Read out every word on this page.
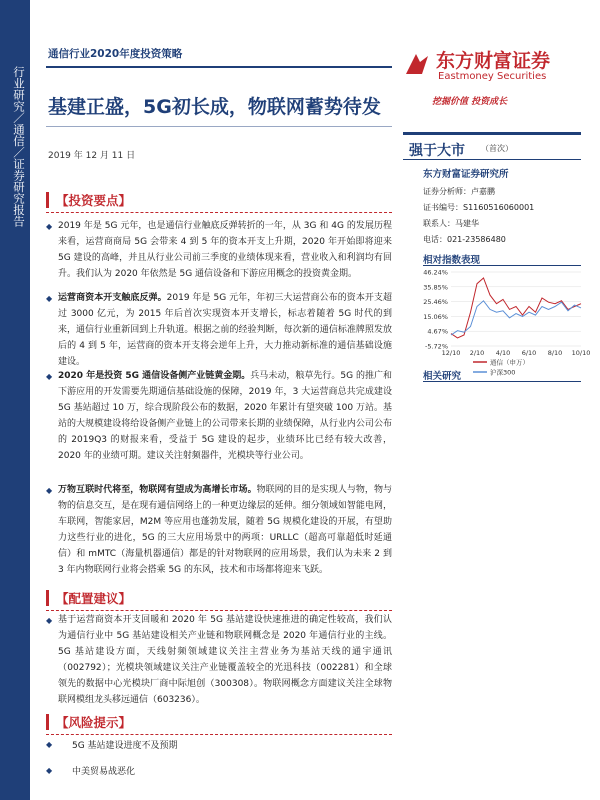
行业研究／通信／证券研究报告
通信行业2020年度投资策略	东方财富证券
Eastmoney Securities
挖掘价值 投资成长
基建正盛，5G初长成，物联网蓄势待发
2019 年 12 月 11 日	强于大市 （首次）
东方财富证券研究所
证券分析师：卢嘉鹏
证书编号：S1160516060001
联系人：马建华
电话：021-23586480
相对指数表现
46.24%
35.85%
25.46%
15.06%
4.67%
-5.72%
12/10 2/10 4/10 6/10 8/10 10/10
通信（申万）
沪深300
相关研究
【投资要点】
◆ 2019 年是 5G 元年，也是通信行业触底反弹转折的一年，从 3G 和 4G 的发展历程来看，运营商商局 5G 会带来 4 到 5 年的资本开支上升期，2020 年开始即将迎来 5G 建设的高峰，并且从行业公司前三季度的业绩体现来看，营业收入和利润均有回升。我们认为 2020 年依然是 5G 通信设备和下游应用概念的投资黄金期。
◆ 运营商资本开支触底反弹。2019 年是 5G 元年，年初三大运营商公布的资本开支超过 3000 亿元，为 2015 年后首次实现资本开支增长，标志着随着 5G 时代的到来，通信行业重新回到上升轨道。根据之前的经验判断，每次新的通信标准牌照发放后的 4 到 5 年，运营商的资本开支将会逆年上升，大力推动新标准的通信基础设施建设。
◆ 2020 年是投资 5G 通信设备侧产业链黄金期。兵马未动，粮草先行。5G 的推广和下游应用的开发需要先期通信基础设施的保障，2019 年，3 大运营商总共完成建设 5G 基站超过 10 万，综合现阶段公布的数据，2020 年累计有望突破 100 万站。基站的大规模建设将给设备侧产业链上的公司带来长期的业绩保障，从行业内公司公布的 2019Q3 的财报来看，受益于 5G 建设的起步，业绩环比已经有较大改善，2020 年的业绩可期。建议关注射频器件，光模块等行业公司。
◆ 万物互联时代将至，物联网有望成为高增长市场。物联网的目的是实现人与物，物与物的信息交互，是在现有通信网络上的一种更边缘层的延伸。细分领域如智能电网，车联网，智能家居，M2M 等应用也蓬勃发展，随着 5G 规模化建设的开展，有望助力这些行业的进化，5G 的三大应用场景中的两项：URLLC（超高可靠超低时延通信）和 mMTC（海量机器通信）都是的针对物联网的应用场景，我们认为未来 2 到 3 年内物联网行业将会搭乘 5G 的东风，技术和市场都将迎来飞跃。
【配置建议】
◆ 基于运营商资本开支回暖和 2020 年 5G 基站建设快速推进的确定性较高，我们认为通信行业中 5G 基站建设相关产业链和物联网概念是 2020 年通信行业的主线。5G 基站建设方面，天线射频领域建议关注主营业务为基站天线的通宇通讯（002792）；光模块领域建议关注产业链覆盖较全的光迅科技（002281）和全球领先的数据中心光模块厂商中际旭创（300308）。物联网概念方面建议关注全球物联网模组龙头移远通信（603236）。
【风险提示】
◆ 5G 基站建设进度不及预期
◆ 中美贸易战恶化
